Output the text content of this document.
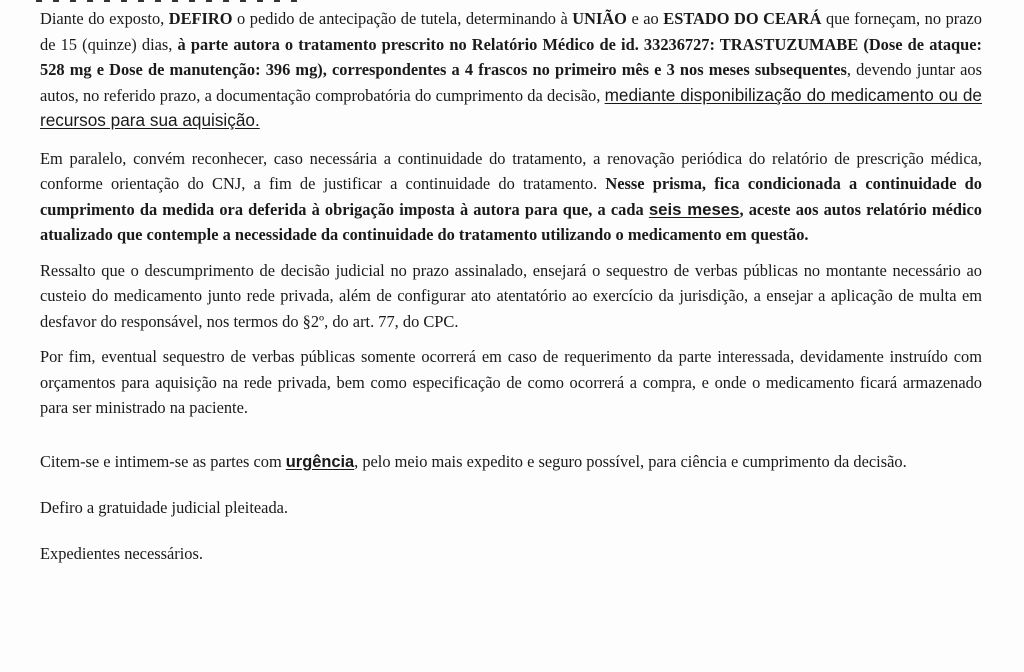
Diante do exposto, DEFIRO o pedido de antecipação de tutela, determinando à UNIÃO e ao ESTADO DO CEARÁ que forneçam, no prazo de 15 (quinze) dias, à parte autora o tratamento prescrito no Relatório Médico de id. 33236727: TRASTUZUMABE (Dose de ataque: 528 mg e Dose de manutenção: 396 mg), correspondentes a 4 frascos no primeiro mês e 3 nos meses subsequentes, devendo juntar aos autos, no referido prazo, a documentação comprobatória do cumprimento da decisão, mediante disponibilização do medicamento ou de recursos para sua aquisição.

Em paralelo, convém reconhecer, caso necessária a continuidade do tratamento, a renovação periódica do relatório de prescrição médica, conforme orientação do CNJ, a fim de justificar a continuidade do tratamento. Nesse prisma, fica condicionada a continuidade do cumprimento da medida ora deferida à obrigação imposta à autora para que, a cada seis meses, aceste aos autos relatório médico atualizado que contemple a necessidade da continuidade do tratamento utilizando o medicamento em questão.

Ressalto que o descumprimento de decisão judicial no prazo assinalado, ensejará o sequestro de verbas públicas no montante necessário ao custeio do medicamento junto rede privada, além de configurar ato atentatório ao exercício da jurisdição, a ensejar a aplicação de multa em desfavor do responsável, nos termos do §2º, do art. 77, do CPC.

Por fim, eventual sequestro de verbas públicas somente ocorrerá em caso de requerimento da parte interessada, devidamente instruído com orçamentos para aquisição na rede privada, bem como especificação de como ocorrerá a compra, e onde o medicamento ficará armazenado para ser ministrado na paciente.

Citem-se e intimem-se as partes com urgência, pelo meio mais expedito e seguro possível, para ciência e cumprimento da decisão.

Defiro a gratuidade judicial pleiteada.

Expedientes necessários.
